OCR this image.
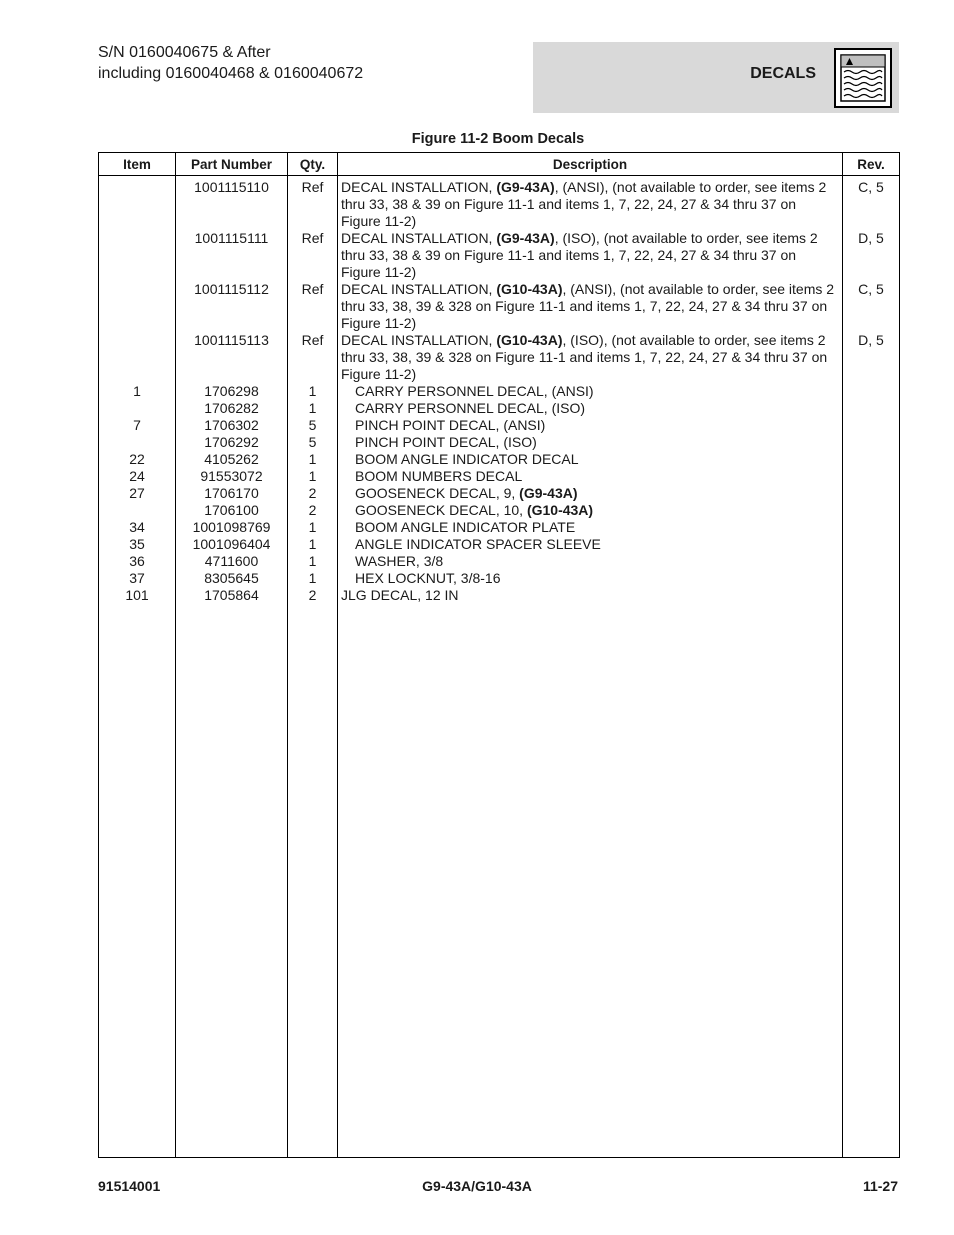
S/N 0160040675 & After
including 0160040468 & 0160040672	DECALS
Figure 11-2 Boom Decals
Item	Part Number	Qty.	Description	Rev.
	1001115110	Ref	DECAL INSTALLATION, (G9-43A), (ANSI), (not available to order, see items 2 thru 33, 38 & 39 on Figure 11-1 and items 1, 7, 22, 24, 27 & 34 thru 37 on Figure 11-2)	C, 5
	1001115111	Ref	DECAL INSTALLATION, (G9-43A), (ISO), (not available to order, see items 2 thru 33, 38 & 39 on Figure 11-1 and items 1, 7, 22, 24, 27 & 34 thru 37 on Figure 11-2)	D, 5
	1001115112	Ref	DECAL INSTALLATION, (G10-43A), (ANSI), (not available to order, see items 2 thru 33, 38, 39 & 328 on Figure 11-1 and items 1, 7, 22, 24, 27 & 34 thru 37 on Figure 11-2)	C, 5
	1001115113	Ref	DECAL INSTALLATION, (G10-43A), (ISO), (not available to order, see items 2 thru 33, 38, 39 & 328 on Figure 11-1 and items 1, 7, 22, 24, 27 & 34 thru 37 on Figure 11-2)	D, 5
1	1706298	1	CARRY PERSONNEL DECAL, (ANSI)	
	1706282	1	CARRY PERSONNEL DECAL, (ISO)	
7	1706302	5	PINCH POINT DECAL, (ANSI)	
	1706292	5	PINCH POINT DECAL, (ISO)	
22	4105262	1	BOOM ANGLE INDICATOR DECAL	
24	91553072	1	BOOM NUMBERS DECAL	
27	1706170	2	GOOSENECK DECAL, 9, (G9-43A)	
	1706100	2	GOOSENECK DECAL, 10, (G10-43A)	
34	1001098769	1	BOOM ANGLE INDICATOR PLATE	
35	1001096404	1	ANGLE INDICATOR SPACER SLEEVE	
36	4711600	1	WASHER, 3/8	
37	8305645	1	HEX LOCKNUT, 3/8-16	
101	1705864	2	JLG DECAL, 12 IN	

91514001	G9-43A/G10-43A	11-27
